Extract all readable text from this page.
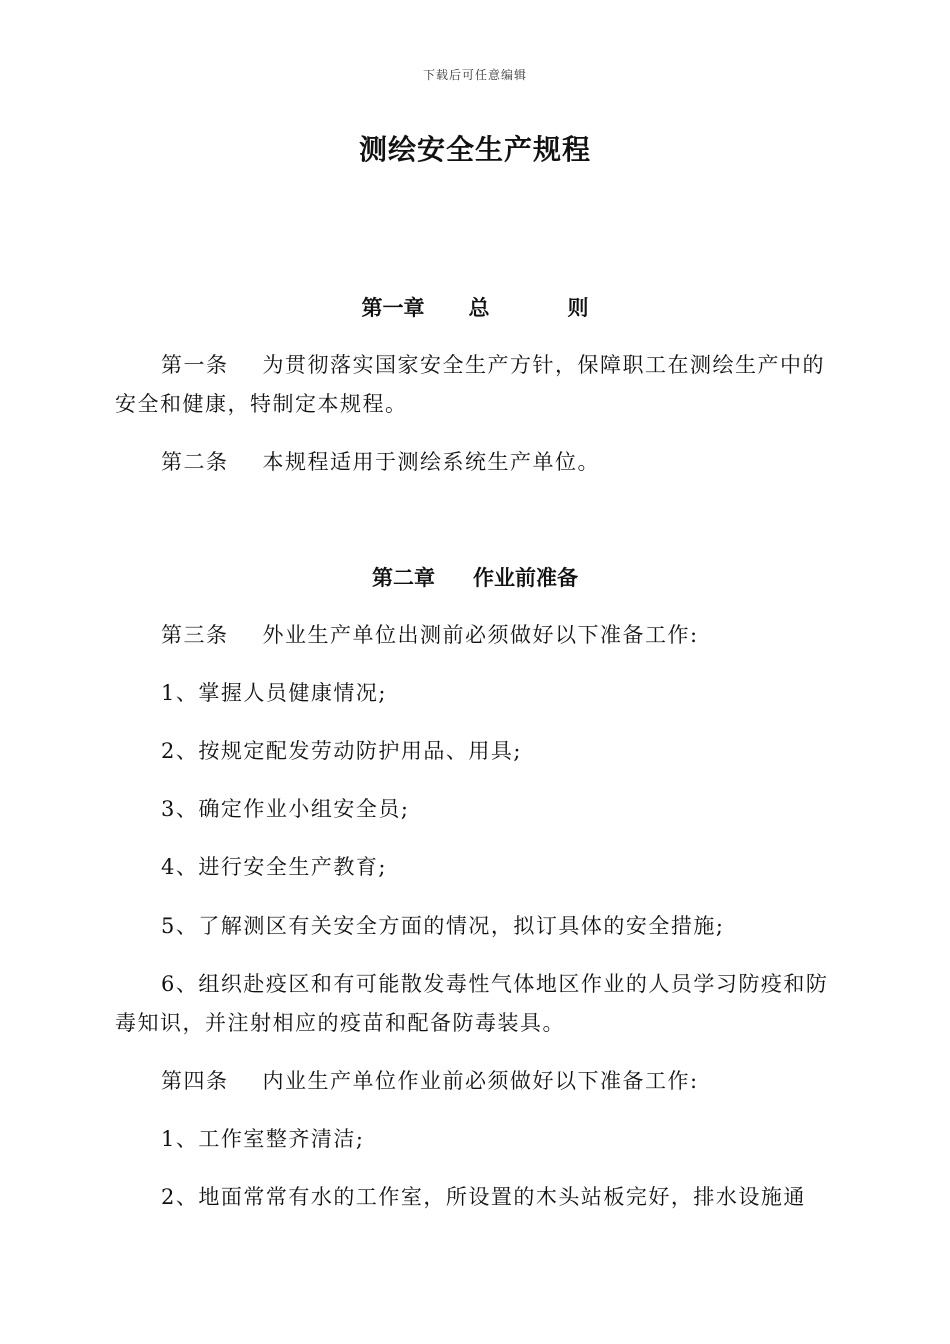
下载后可任意编辑
测绘安全生产规程
第一章 总则
第一条 为贯彻落实国家安全生产方针，保障职工在测绘生产中的安全和健康，特制定本规程。
第二条 本规程适用于测绘系统生产单位。
第二章 作业前准备
第三条 外业生产单位出测前必须做好以下准备工作:
1、掌握人员健康情况;
2、按规定配发劳动防护用品、用具;
3、确定作业小组安全员;
4、进行安全生产教育;
5、了解测区有关安全方面的情况，拟订具体的安全措施;
6、组织赴疫区和有可能散发毒性气体地区作业的人员学习防疫和防毒知识，并注射相应的疫苗和配备防毒装具。
第四条 内业生产单位作业前必须做好以下准备工作:
1、工作室整齐清洁;
2、地面常常有水的工作室，所设置的木头站板完好，排水设施通
